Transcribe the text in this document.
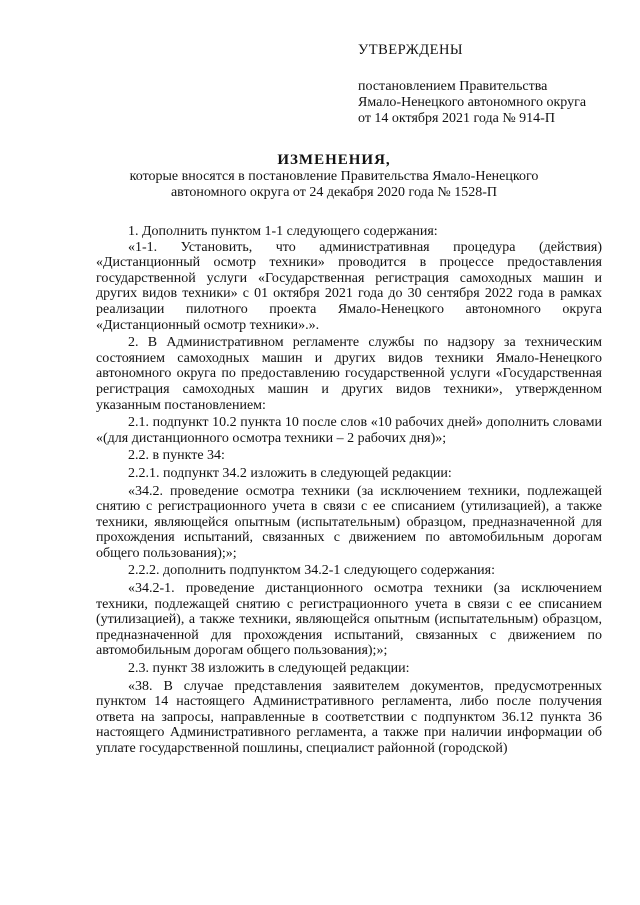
УТВЕРЖДЕНЫ
постановлением Правительства
Ямало-Ненецкого автономного округа
от 14 октября 2021 года № 914-П
ИЗМЕНЕНИЯ,
которые вносятся в постановление Правительства Ямало-Ненецкого
автономного округа от 24 декабря 2020 года № 1528-П

1. Дополнить пунктом 1-1 следующего содержания:

«1-1. Установить, что административная процедура (действия) «Дистанционный осмотр техники» проводится в процессе предоставления государственной услуги «Государственная регистрация самоходных машин и других видов техники» с 01 октября 2021 года до 30 сентября 2022 года в рамках реализации пилотного проекта Ямало-Ненецкого автономного округа «Дистанционный осмотр техники».».

2. В Административном регламенте службы по надзору за техническим состоянием самоходных машин и других видов техники Ямало-Ненецкого автономного округа по предоставлению государственной услуги «Государственная регистрация самоходных машин и других видов техники», утвержденном указанным постановлением:

2.1. подпункт 10.2 пункта 10 после слов «10 рабочих дней» дополнить словами «(для дистанционного осмотра техники – 2 рабочих дня)»;

2.2. в пункте 34:

2.2.1. подпункт 34.2 изложить в следующей редакции:

«34.2. проведение осмотра техники (за исключением техники, подлежащей снятию с регистрационного учета в связи с ее списанием (утилизацией), а также техники, являющейся опытным (испытательным) образцом, предназначенной для прохождения испытаний, связанных с движением по автомобильным дорогам общего пользования);»;

2.2.2. дополнить подпунктом 34.2-1 следующего содержания:

«34.2-1. проведение дистанционного осмотра техники (за исключением техники, подлежащей снятию с регистрационного учета в связи с ее списанием (утилизацией), а также техники, являющейся опытным (испытательным) образцом, предназначенной для прохождения испытаний, связанных с движением по автомобильным дорогам общего пользования);»;

2.3. пункт 38 изложить в следующей редакции:

«38. В случае представления заявителем документов, предусмотренных пунктом 14 настоящего Административного регламента, либо после получения ответа на запросы, направленные в соответствии с подпунктом 36.12 пункта 36 настоящего Административного регламента, а также при наличии информации об уплате государственной пошлины, специалист районной (городской)
